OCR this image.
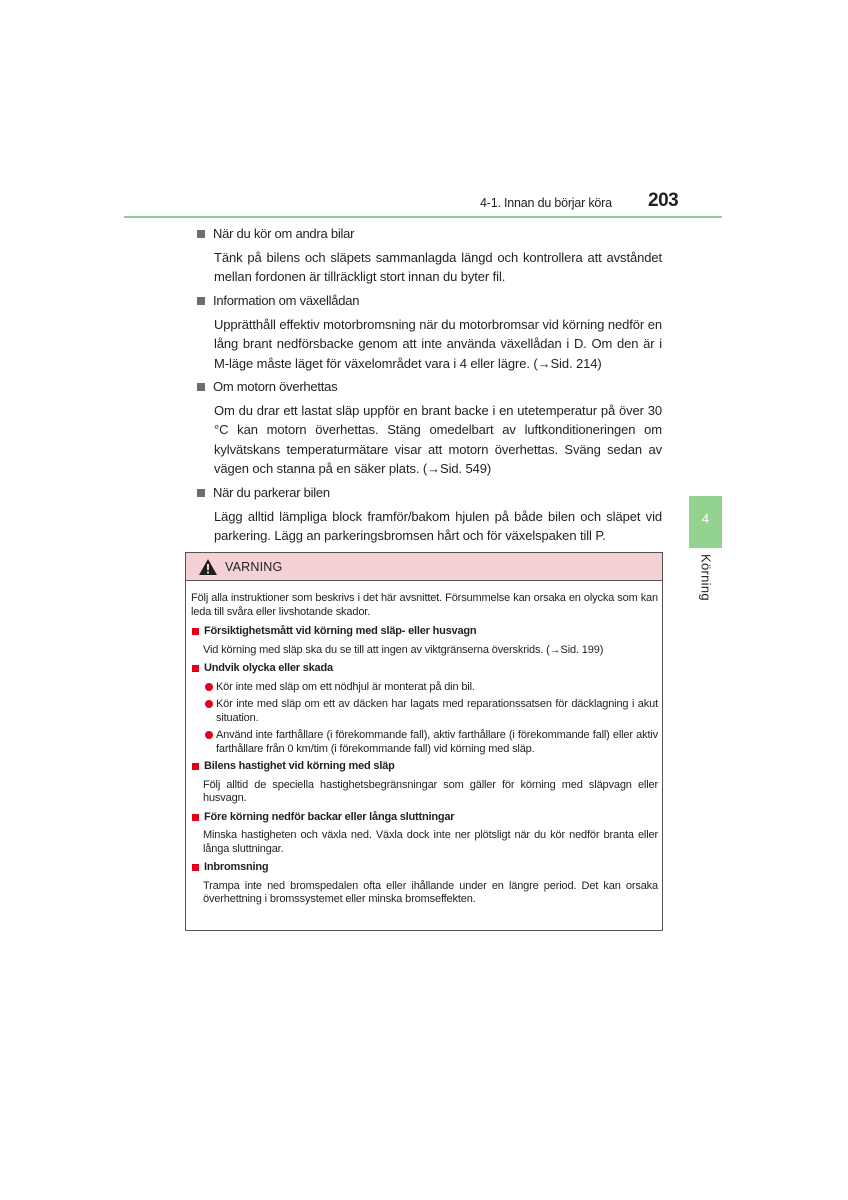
4-1. Innan du börjar köra	203
4
Körning
När du kör om andra bilar
Tänk på bilens och släpets sammanlagda längd och kontrollera att avståndet mellan fordonen är tillräckligt stort innan du byter fil.
Information om växellådan
Upprätthåll effektiv motorbromsning när du motorbromsar vid körning nedför en lång brant nedförsbacke genom att inte använda växellådan i D. Om den är i M-läge måste läget för växelområdet vara i 4 eller lägre. (→Sid. 214)
Om motorn överhettas
Om du drar ett lastat släp uppför en brant backe i en utetemperatur på över 30 °C kan motorn överhettas. Stäng omedelbart av luftkonditioneringen om kylvätskans temperaturmätare visar att motorn överhettas. Sväng sedan av vägen och stanna på en säker plats. (→Sid. 549)
När du parkerar bilen
Lägg alltid lämpliga block framför/bakom hjulen på både bilen och släpet vid parkering. Lägg an parkeringsbromsen hårt och för växelspaken till P.
VARNING
Följ alla instruktioner som beskrivs i det här avsnittet. Försummelse kan orsaka en olycka som kan leda till svåra eller livshotande skador.
Försiktighetsmått vid körning med släp- eller husvagn
Vid körning med släp ska du se till att ingen av viktgränserna överskrids. (→Sid. 199)
Undvik olycka eller skada
Kör inte med släp om ett nödhjul är monterat på din bil.
Kör inte med släp om ett av däcken har lagats med reparationssatsen för däcklagning i akut situation.
Använd inte farthållare (i förekommande fall), aktiv farthållare (i förekommande fall) eller aktiv farthållare från 0 km/tim (i förekommande fall) vid körning med släp.
Bilens hastighet vid körning med släp
Följ alltid de speciella hastighetsbegränsningar som gäller för körning med släpvagn eller husvagn.
Före körning nedför backar eller långa sluttningar
Minska hastigheten och växla ned. Växla dock inte ner plötsligt när du kör nedför branta eller långa sluttningar.
Inbromsning
Trampa inte ned bromspedalen ofta eller ihållande under en längre period. Det kan orsaka överhettning i bromssystemet eller minska bromseffekten.
